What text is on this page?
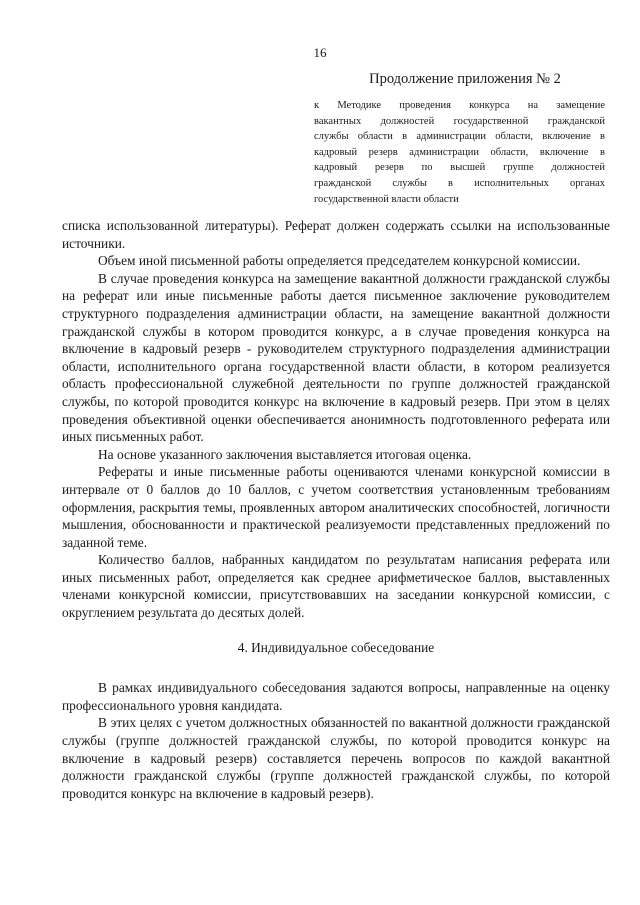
16
Продолжение приложения № 2
к Методике проведения конкурса на замещение
вакантных должностей государственной гражданской
службы области в администрации области, включение в
кадровый резерв администрации области, включение в
кадровый резерв по высшей группе должностей
гражданской службы в исполнительных органах
государственной власти области

списка использованной литературы). Реферат должен содержать ссылки на использованные источники.

Объем иной письменной работы определяется председателем конкурсной комиссии.

В случае проведения конкурса на замещение вакантной должности гражданской службы на реферат или иные письменные работы дается письменное заключение руководителем структурного подразделения администрации области, на замещение вакантной должности гражданской службы в котором проводится конкурс, а в случае проведения конкурса на включение в кадровый резерв - руководителем структурного подразделения администрации области, исполнительного органа государственной власти области, в котором реализуется область профессиональной служебной деятельности по группе должностей гражданской службы, по которой проводится конкурс на включение в кадровый резерв. При этом в целях проведения объективной оценки обеспечивается анонимность подготовленного реферата или иных письменных работ.

На основе указанного заключения выставляется итоговая оценка.

Рефераты и иные письменные работы оцениваются членами конкурсной комиссии в интервале от 0 баллов до 10 баллов, с учетом соответствия установленным требованиям оформления, раскрытия темы, проявленных автором аналитических способностей, логичности мышления, обоснованности и практической реализуемости представленных предложений по заданной теме.

Количество баллов, набранных кандидатом по результатам написания реферата или иных письменных работ, определяется как среднее арифметическое баллов, выставленных членами конкурсной комиссии, присутствовавших на заседании конкурсной комиссии, с округлением результата до десятых долей.

4. Индивидуальное собеседование

В рамках индивидуального собеседования задаются вопросы, направленные на оценку профессионального уровня кандидата.

В этих целях с учетом должностных обязанностей по вакантной должности гражданской службы (группе должностей гражданской службы, по которой проводится конкурс на включение в кадровый резерв) составляется перечень вопросов по каждой вакантной должности гражданской службы (группе должностей гражданской службы, по которой проводится конкурс на включение в кадровый резерв).
